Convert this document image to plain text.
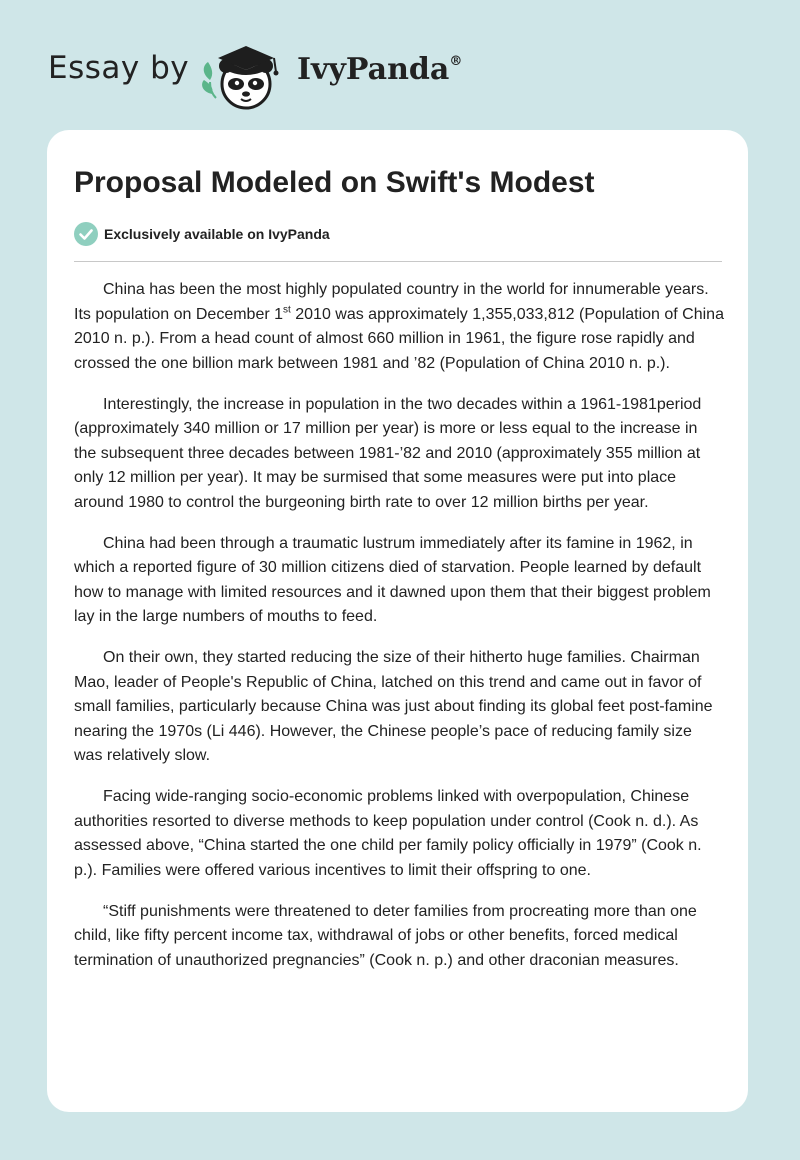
Essay by	IvyPanda®
Proposal Modeled on Swift's Modest
Exclusively available on IvyPanda

China has been the most highly populated country in the world for innumerable years. Its population on December 1st 2010 was approximately 1,355,033,812 (Population of China 2010 n. p.). From a head count of almost 660 million in 1961, the figure rose rapidly and crossed the one billion mark between 1981 and ’82 (Population of China 2010 n. p.).

Interestingly, the increase in population in the two decades within a 1961-1981period (approximately 340 million or 17 million per year) is more or less equal to the increase in the subsequent three decades between 1981-’82 and 2010 (approximately 355 million at only 12 million per year). It may be surmised that some measures were put into place around 1980 to control the burgeoning birth rate to over 12 million births per year.

China had been through a traumatic lustrum immediately after its famine in 1962, in which a reported figure of 30 million citizens died of starvation. People learned by default how to manage with limited resources and it dawned upon them that their biggest problem lay in the large numbers of mouths to feed.

On their own, they started reducing the size of their hitherto huge families. Chairman Mao, leader of People's Republic of China, latched on this trend and came out in favor of small families, particularly because China was just about finding its global feet post-famine nearing the 1970s (Li 446). However, the Chinese people’s pace of reducing family size was relatively slow.

Facing wide-ranging socio-economic problems linked with overpopulation, Chinese authorities resorted to diverse methods to keep population under control (Cook n. d.). As assessed above, “China started the one child per family policy officially in 1979” (Cook n. p.). Families were offered various incentives to limit their offspring to one.

“Stiff punishments were threatened to deter families from procreating more than one child, like fifty percent income tax, withdrawal of jobs or other benefits, forced medical termination of unauthorized pregnancies” (Cook n. p.) and other draconian measures.
